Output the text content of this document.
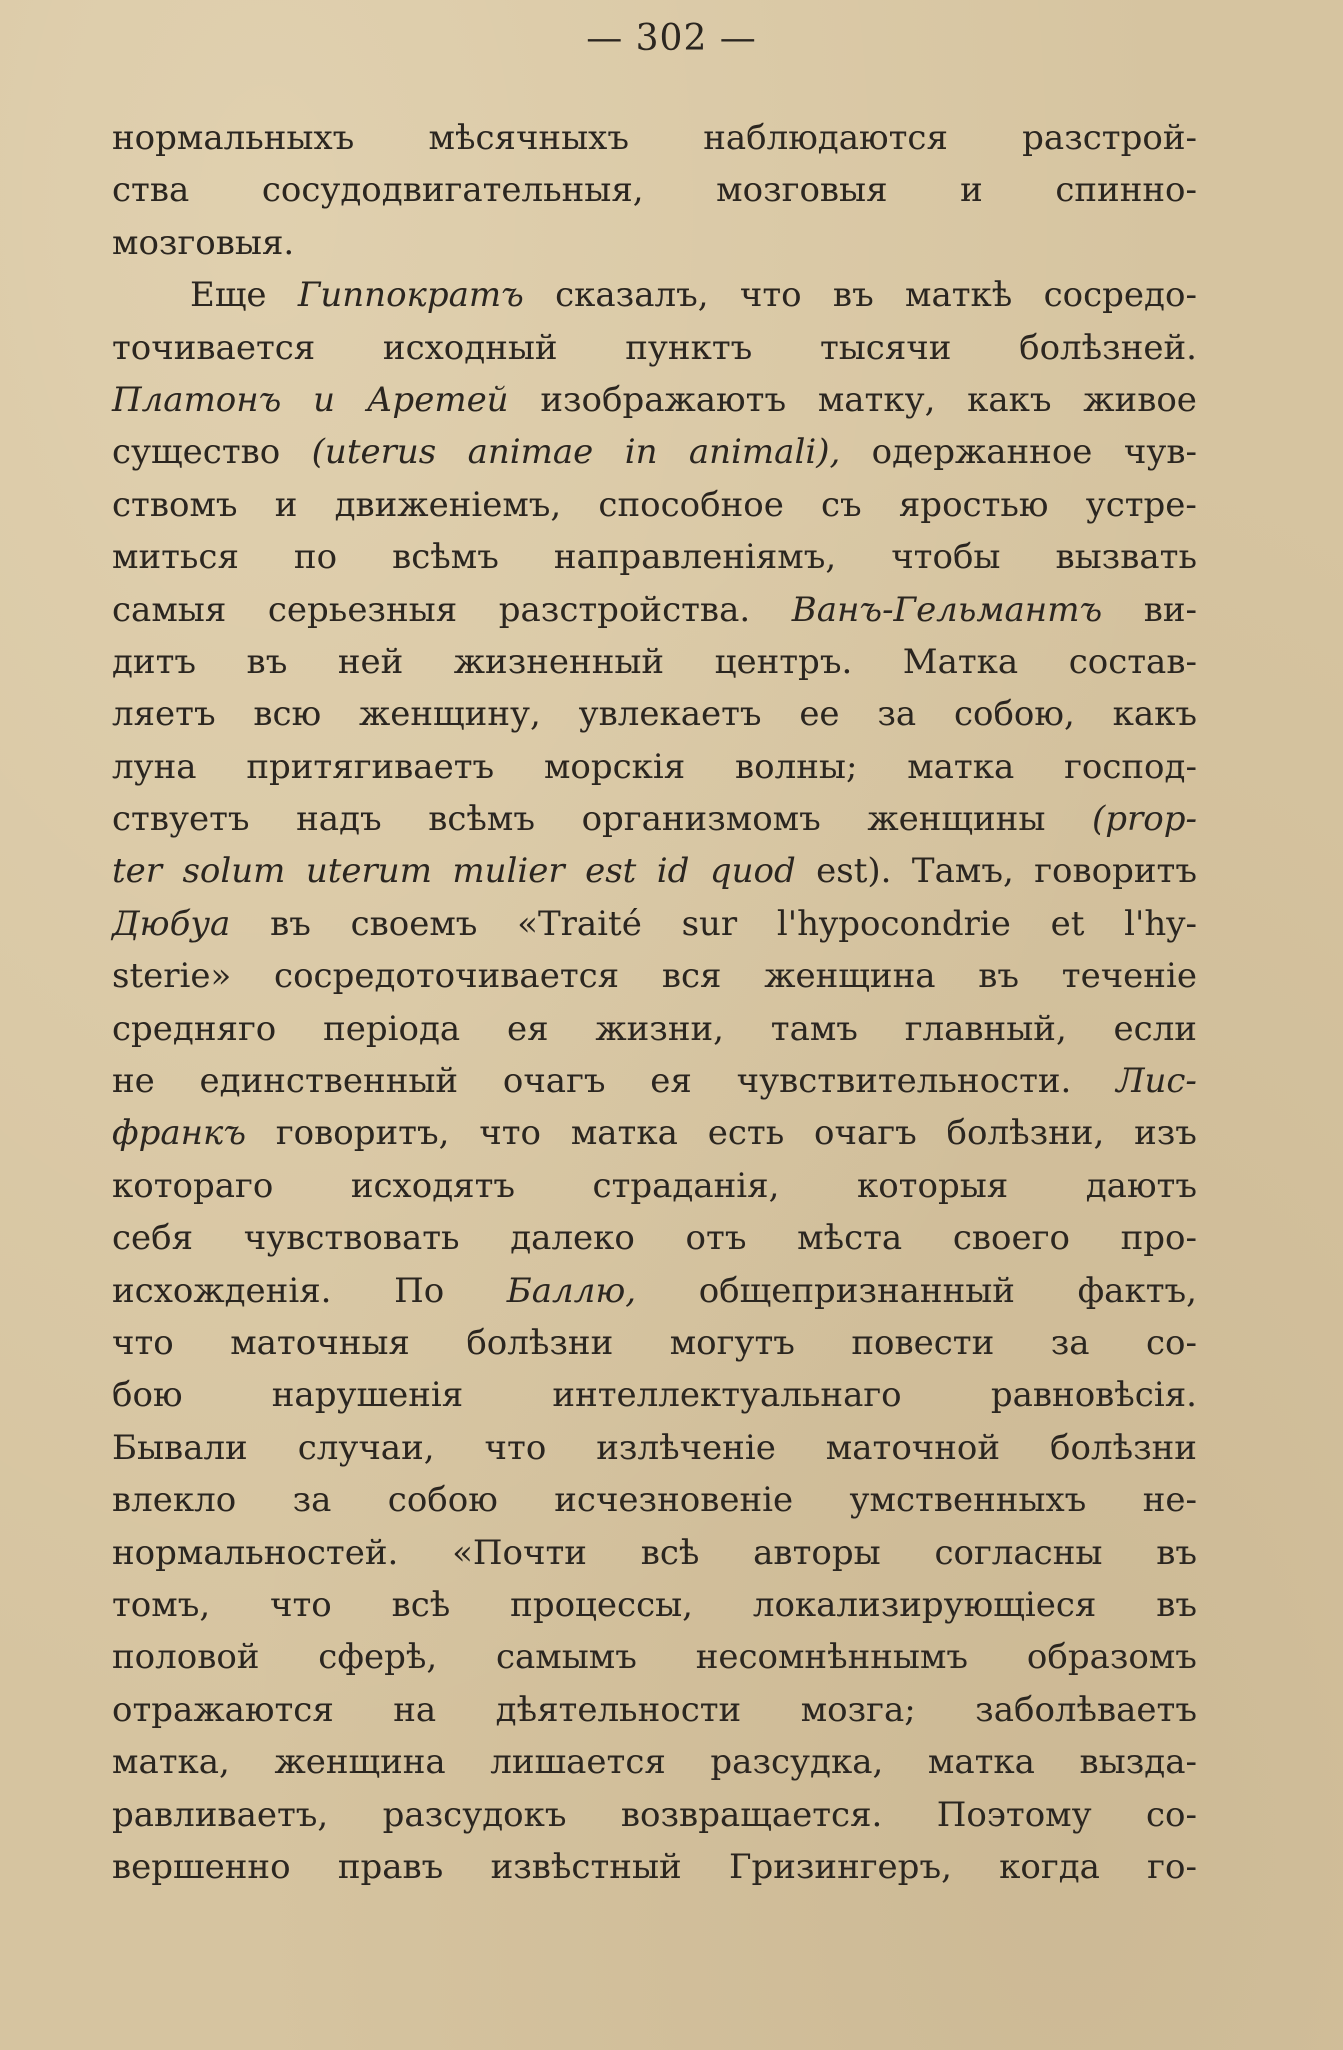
— 302 —
нормальныхъ мѣсячныхъ наблюдаются разстрой-
ства сосудодвигательныя, мозговыя и спинно-
мозговыя.
Еще Гиппократъ сказалъ, что въ маткѣ сосредо-
точивается исходный пунктъ тысячи болѣзней.
Платонъ и Аретей изображаютъ матку, какъ живое
существо (uterus animae in animali), одержанное чув-
ствомъ и движеніемъ, способное съ яростью устре-
миться по всѣмъ направленіямъ, чтобы вызвать
самыя серьезныя разстройства. Ванъ-Гельмантъ ви-
дитъ въ ней жизненный центръ. Матка состав-
ляетъ всю женщину, увлекаетъ ее за собою, какъ
луна притягиваетъ морскія волны; матка господ-
ствуетъ надъ всѣмъ организмомъ женщины (prop-
ter solum uterum mulier est id quod est). Тамъ, говоритъ
Дюбуа въ своемъ «Traité sur l'hypocondrie et l'hy-
sterie» сосредоточивается вся женщина въ теченіе
средняго періода ея жизни, тамъ главный, если
не единственный очагъ ея чувствительности. Лис-
франкъ говоритъ, что матка есть очагъ болѣзни, изъ
котораго исходятъ страданія, которыя даютъ
себя чувствовать далеко отъ мѣста своего про-
исхожденія. По Баллю, общепризнанный фактъ,
что маточныя болѣзни могутъ повести за со-
бою	нарушенія	интеллектуальнаго	равновѣсія.
Бывали случаи, что излѣченіе маточной болѣзни
влекло за собою исчезновеніе умственныхъ не-
нормальностей. «Почти всѣ авторы согласны въ
томъ, что всѣ процессы, локализирующіеся въ
половой сферѣ, самымъ несомнѣннымъ образомъ
отражаются на дѣятельности мозга; заболѣваетъ
матка, женщина лишается разсудка, матка выздa-
равливаетъ, разсудокъ возвращается. Поэтому со-
вершенно правъ извѣстный Гризингеръ, когда го-
